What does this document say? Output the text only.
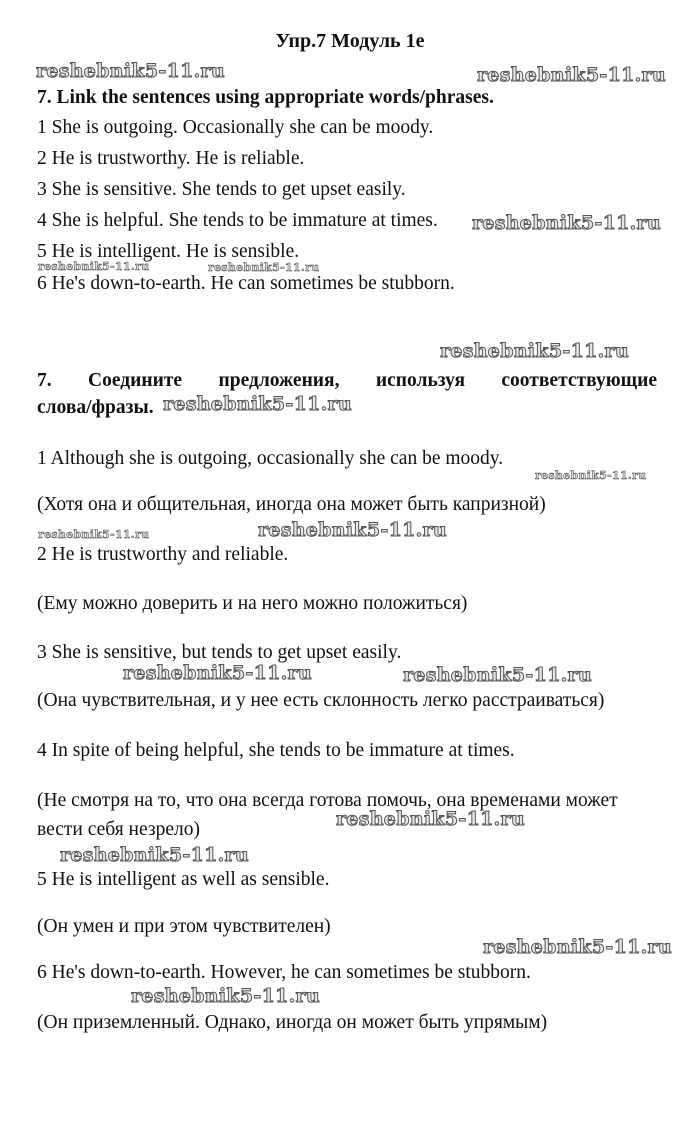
Упр.7 Модуль 1е
7. Link the sentences using appropriate words/phrases.
1 She is outgoing. Occasionally she can be moody.
2 He is trustworthy. He is reliable.
3 She is sensitive. She tends to get upset easily.
4 She is helpful. She tends to be immature at times.
5 He is intelligent. He is sensible.
6 He's down-to-earth. He can sometimes be stubborn.
7. Соедините предложения, используя соответствующие
слова/фразы.
1 Although she is outgoing, occasionally she can be moody.
(Хотя она и общительная, иногда она может быть капризной)
2 He is trustworthy and reliable.
(Ему можно доверить и на него можно положиться)
3 She is sensitive, but tends to get upset easily.
(Она чувствительная, и у нее есть склонность легко расстраиваться)
4 In spite of being helpful, she tends to be immature at times.
(Не смотря на то, что она всегда готова помочь, она временами может вести себя незрело)
5 He is intelligent as well as sensible.
(Он умен и при этом чувствителен)
6 He's down-to-earth. However, he can sometimes be stubborn.
(Он приземленный. Однако, иногда он может быть упрямым)
reshebnik5-11.ru	reshebnik5-11.ru
reshebnik5-11.ru
reshebnik5-11.ru	reshebnik5-11.ru
reshebnik5-11.ru
reshebnik5-11.ru
reshebnik5-11.ru
reshebnik5-11.ru	reshebnik5-11.ru
reshebnik5-11.ru	reshebnik5-11.ru
reshebnik5-11.ru
reshebnik5-11.ru
reshebnik5-11.ru
reshebnik5-11.ru
